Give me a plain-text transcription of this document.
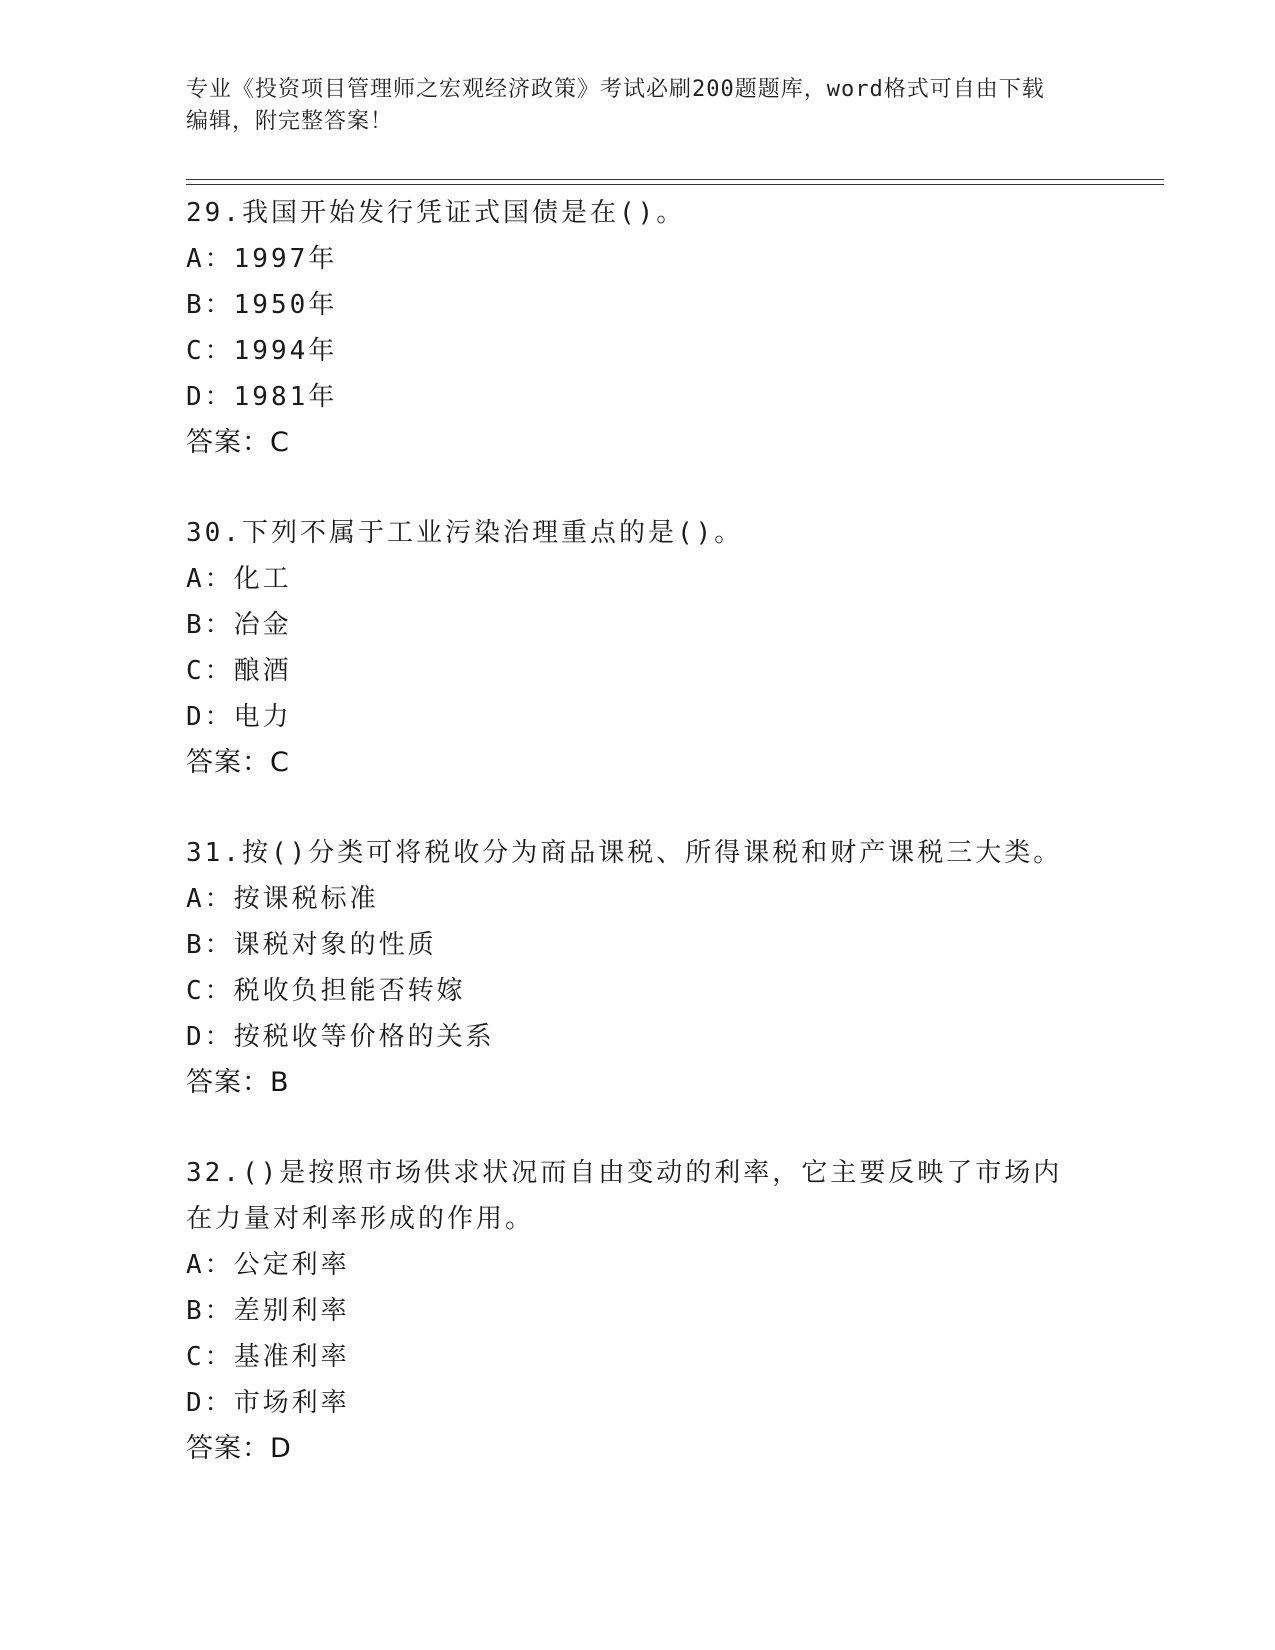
专业《投资项目管理师之宏观经济政策》考试必刷200题题库，word格式可自由下载编辑，附完整答案！
29.我国开始发行凭证式国债是在()。
A：1997年
B：1950年
C：1994年
D：1981年
答案：C
30.下列不属于工业污染治理重点的是()。
A：化工
B：冶金
C：酿酒
D：电力
答案：C
31.按()分类可将税收分为商品课税、所得课税和财产课税三大类。
A：按课税标准
B：课税对象的性质
C：税收负担能否转嫁
D：按税收等价格的关系
答案：B
32.()是按照市场供求状况而自由变动的利率，它主要反映了市场内在力量对利率形成的作用。
A：公定利率
B：差别利率
C：基准利率
D：市场利率
答案：D
